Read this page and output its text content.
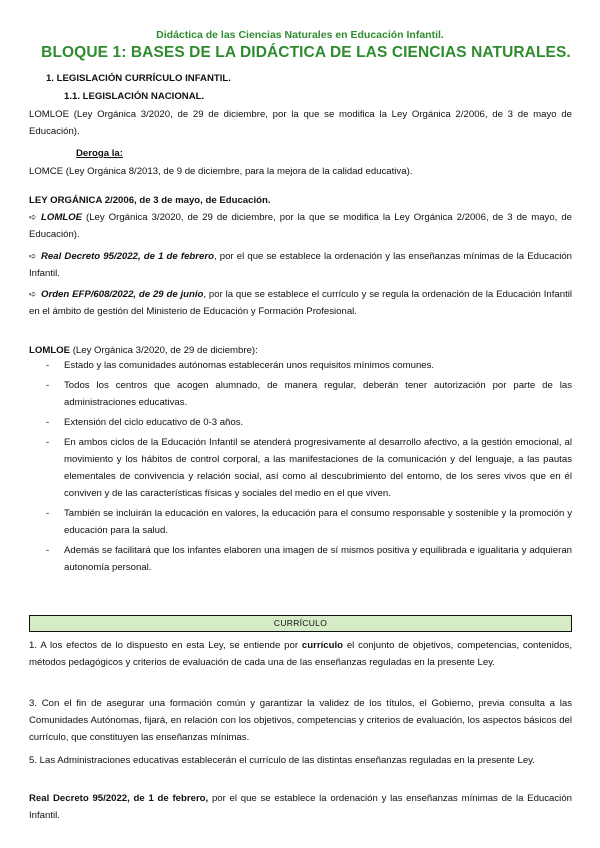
Didáctica de las Ciencias Naturales en Educación Infantil.
BLOQUE 1: BASES DE LA DIDÁCTICA DE LAS CIENCIAS NATURALES.
1. LEGISLACIÓN CURRÍCULO INFANTIL.
1.1. LEGISLACIÓN NACIONAL.
LOMLOE (Ley Orgánica 3/2020, de 29 de diciembre, por la que se modifica la Ley Orgánica 2/2006, de 3 de mayo de Educación).
Deroga la:
LOMCE (Ley Orgánica 8/2013, de 9 de diciembre, para la mejora de la calidad educativa).
LEY ORGÁNICA 2/2006, de 3 de mayo, de Educación.
➪ LOMLOE (Ley Orgánica 3/2020, de 29 de diciembre, por la que se modifica la Ley Orgánica 2/2006, de 3 de mayo, de Educación).
➪ Real Decreto 95/2022, de 1 de febrero, por el que se establece la ordenación y las enseñanzas mínimas de la Educación Infantil.
➪ Orden EFP/608/2022, de 29 de junio, por la que se establece el currículo y se regula la ordenación de la Educación Infantil en el ámbito de gestión del Ministerio de Educación y Formación Profesional.
LOMLOE (Ley Orgánica 3/2020, de 29 de diciembre):
- Estado y las comunidades autónomas establecerán unos requisitos mínimos comunes.
- Todos los centros que acogen alumnado, de manera regular, deberán tener autorización por parte de las administraciones educativas.
- Extensión del ciclo educativo de 0-3 años.
- En ambos ciclos de la Educación Infantil se atenderá progresivamente al desarrollo afectivo, a la gestión emocional, al movimiento y los hábitos de control corporal, a las manifestaciones de la comunicación y del lenguaje, a las pautas elementales de convivencia y relación social, así como al descubrimiento del entorno, de los seres vivos que en él conviven y de las características físicas y sociales del medio en el que viven.
- También se incluirán la educación en valores, la educación para el consumo responsable y sostenible y la promoción y educación para la salud.
- Además se facilitará que los infantes elaboren una imagen de sí mismos positiva y equilibrada e igualitaria y adquieran autonomía personal.
CURRÍCULO
1. A los efectos de lo dispuesto en esta Ley, se entiende por currículo el conjunto de objetivos, competencias, contenidos, métodos pedagógicos y criterios de evaluación de cada una de las enseñanzas reguladas en la presente Ley.
3. Con el fin de asegurar una formación común y garantizar la validez de los títulos, el Gobierno, previa consulta a las Comunidades Autónomas, fijará, en relación con los objetivos, competencias y criterios de evaluación, los aspectos básicos del currículo, que constituyen las enseñanzas mínimas.
5. Las Administraciones educativas establecerán el currículo de las distintas enseñanzas reguladas en la presente Ley.
Real Decreto 95/2022, de 1 de febrero, por el que se establece la ordenación y las enseñanzas mínimas de la Educación Infantil.
